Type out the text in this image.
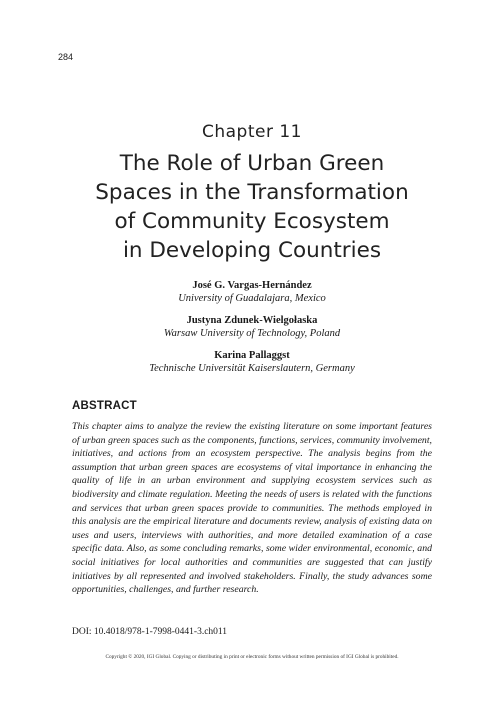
284
Chapter 11
The Role of Urban Green
Spaces in the Transformation
of Community Ecosystem
in Developing Countries
José G. Vargas-Hernández
University of Guadalajara, Mexico
Justyna Zdunek-Wielgołaska
Warsaw University of Technology, Poland
Karina Pallaggst
Technische Universität Kaiserslautern, Germany
ABSTRACT

This chapter aims to analyze the review the existing literature on some important features of urban green spaces such as the components, functions, services, community involvement, initiatives, and actions from an ecosystem perspective. The analysis begins from the assumption that urban green spaces are ecosystems of vital importance in enhancing the quality of life in an urban environment and supplying ecosystem services such as biodiversity and climate regulation. Meeting the needs of users is related with the functions and services that urban green spaces provide to communities. The methods employed in this analysis are the empirical literature and documents review, analysis of existing data on uses and users, interviews with authorities, and more detailed examination of a case specific data. Also, as some concluding remarks, some wider environmental, economic, and social initiatives for local authorities and communities are suggested that can justify initiatives by all represented and involved stakeholders. Finally, the study advances some opportunities, challenges, and further research.

DOI: 10.4018/978-1-7998-0441-3.ch011
Copyright © 2020, IGI Global. Copying or distributing in print or electronic forms without written permission of IGI Global is prohibited.
